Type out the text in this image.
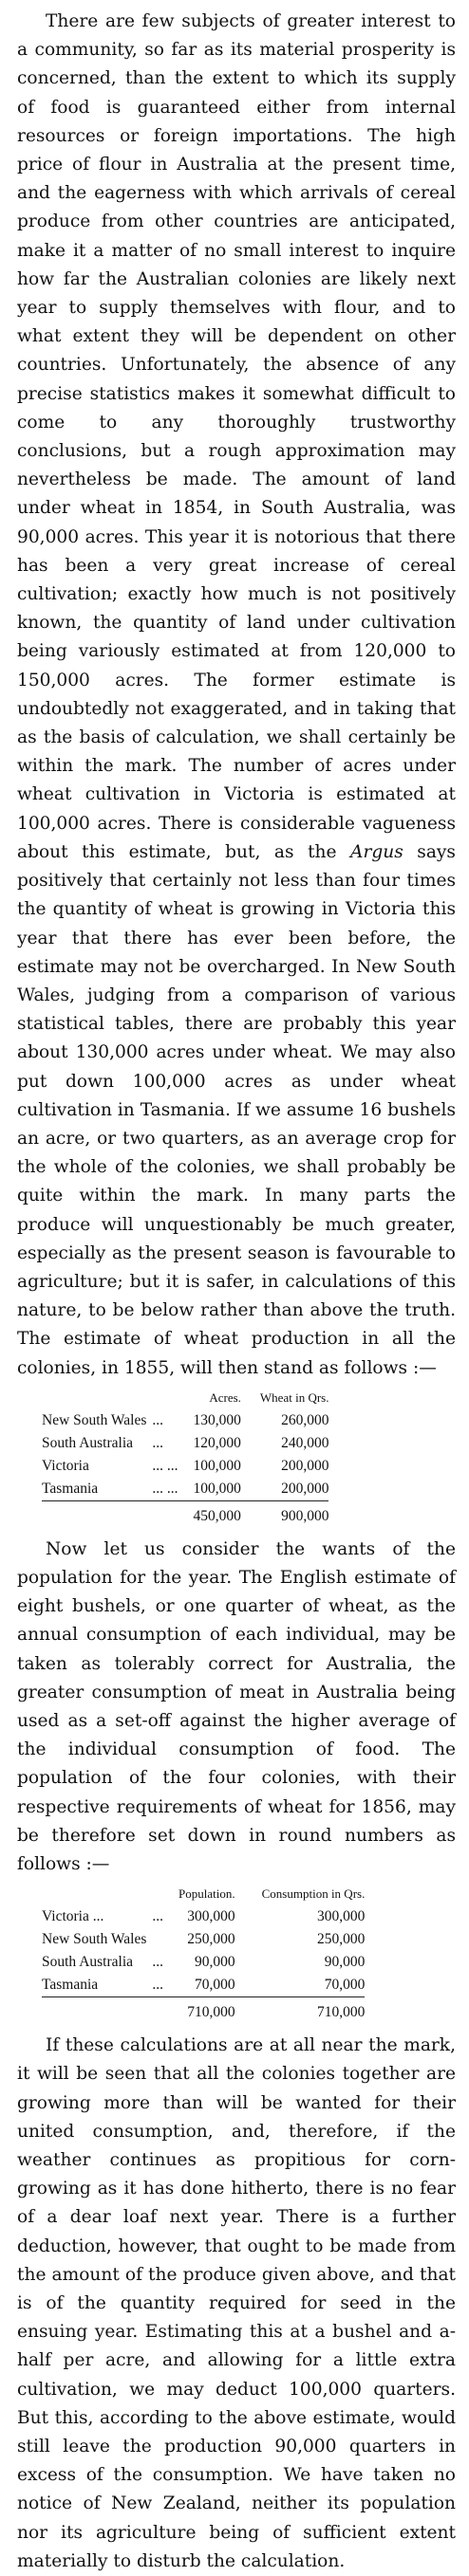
There are few subjects of greater interest to a community, so far as its material prosperity is concerned, than the extent to which its supply of food is guaranteed either from internal resources or foreign importations. The high price of flour in Australia at the present time, and the eagerness with which arrivals of cereal produce from other countries are anticipated, make it a matter of no small interest to inquire how far the Australian colonies are likely next year to supply themselves with flour, and to what extent they will be dependent on other countries. Unfortunately, the absence of any precise statistics makes it somewhat difficult to come to any thoroughly trustworthy conclusions, but a rough approximation may nevertheless be made. The amount of land under wheat in 1854, in South Australia, was 90,000 acres. This year it is notorious that there has been a very great increase of cereal cultivation; exactly how much is not positively known, the quantity of land under cultivation being variously estimated at from 120,000 to 150,000 acres. The former estimate is undoubtedly not exaggerated, and in taking that as the basis of calculation, we shall certainly be within the mark. The number of acres under wheat cultivation in Victoria is estimated at 100,000 acres. There is considerable vagueness about this estimate, but, as the Argus says positively that certainly not less than four times the quantity of wheat is growing in Victoria this year that there has ever been before, the estimate may not be overcharged. In New South Wales, judging from a comparison of various statistical tables, there are probably this year about 130,000 acres under wheat. We may also put down 100,000 acres as under wheat cultivation in Tasmania. If we assume 16 bushels an acre, or two quarters, as an average crop for the whole of the colonies, we shall probably be quite within the mark. In many parts the produce will unquestionably be much greater, especially as the present season is favourable to agriculture; but it is safer, in calculations of this nature, to be below rather than above the truth. The estimate of wheat production in all the colonies, in 1855, will then stand as follows :—

		Acres.	Wheat in Qrs.
New South Wales	...	130,000	260,000
South Australia	...	120,000	240,000
Victoria	... ...	100,000	200,000
Tasmania	... ...	100,000	200,000
		450,000	900,000

Now let us consider the wants of the population for the year. The English estimate of eight bushels, or one quarter of wheat, as the annual consumption of each individual, may be taken as tolerably correct for Australia, the greater consumption of meat in Australia being used as a set-off against the higher average of the individual consumption of food. The population of the four colonies, with their respective requirements of wheat for 1856, may be therefore set down in round numbers as follows :—

		Population.	Consumption in Qrs.
Victoria ...	...	300,000	300,000
New South Wales		250,000	250,000
South Australia	...	90,000	90,000
Tasmania	...	70,000	70,000
		710,000	710,000

If these calculations are at all near the mark, it will be seen that all the colonies together are growing more than will be wanted for their united consumption, and, therefore, if the weather continues as propitious for corn-growing as it has done hitherto, there is no fear of a dear loaf next year. There is a further deduction, however, that ought to be made from the amount of the produce given above, and that is of the quantity required for seed in the ensuing year. Estimating this at a bushel and a-half per acre, and allowing for a little extra cultivation, we may deduct 100,000 quarters. But this, according to the above estimate, would still leave the production 90,000 quarters in excess of the consumption. We have taken no notice of New Zealand, neither its population nor its agriculture being of sufficient extent materially to disturb the calculation.
